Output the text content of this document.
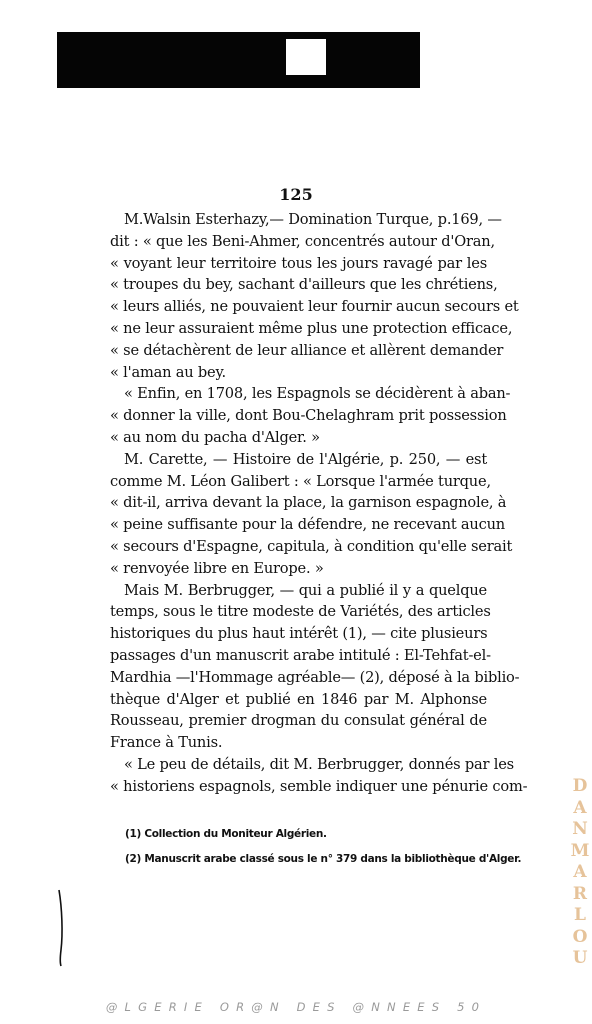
125
M.Walsin Esterhazy,— Domination Turque, p.169, —
dit : « que les Beni-Ahmer, concentrés autour d'Oran,
« voyant leur territoire tous les jours ravagé par les
« troupes du bey, sachant d'ailleurs que les chrétiens,
« leurs alliés, ne pouvaient leur fournir aucun secours et
« ne leur assuraient même plus une protection efficace,
« se détachèrent de leur alliance et allèrent demander
« l'aman au bey.
« Enfin, en 1708, les Espagnols se décidèrent à aban-
« donner la ville, dont Bou-Chelaghram prit possession
« au nom du pacha d'Alger. »
M. Carette, — Histoire de l'Algérie, p. 250, — est
comme M. Léon Galibert : « Lorsque l'armée turque,
« dit-il, arriva devant la place, la garnison espagnole, à
« peine suffisante pour la défendre, ne recevant aucun
« secours d'Espagne, capitula, à condition qu'elle serait
« renvoyée libre en Europe. »
Mais M. Berbrugger, — qui a publié il y a quelque
temps, sous le titre modeste de Variétés, des articles
historiques du plus haut intérêt (1), — cite plusieurs
passages d'un manuscrit arabe intitulé : El-Tehfat-el-
Mardhia —l'Hommage agréable— (2), déposé à la biblio-
thèque d'Alger et publié en 1846 par M. Alphonse
Rousseau, premier drogman du consulat général de
France à Tunis.
« Le peu de détails, dit M. Berbrugger, donnés par les
« historiens espagnols, semble indiquer une pénurie com-
(1) Collection du Moniteur Algérien.
(2) Manuscrit arabe classé sous le n° 379 dans la bibliothèque d'Alger.
D
A
N
M
A
R
L
O
U
@LGERIE OR@N DES @NNEES 50
